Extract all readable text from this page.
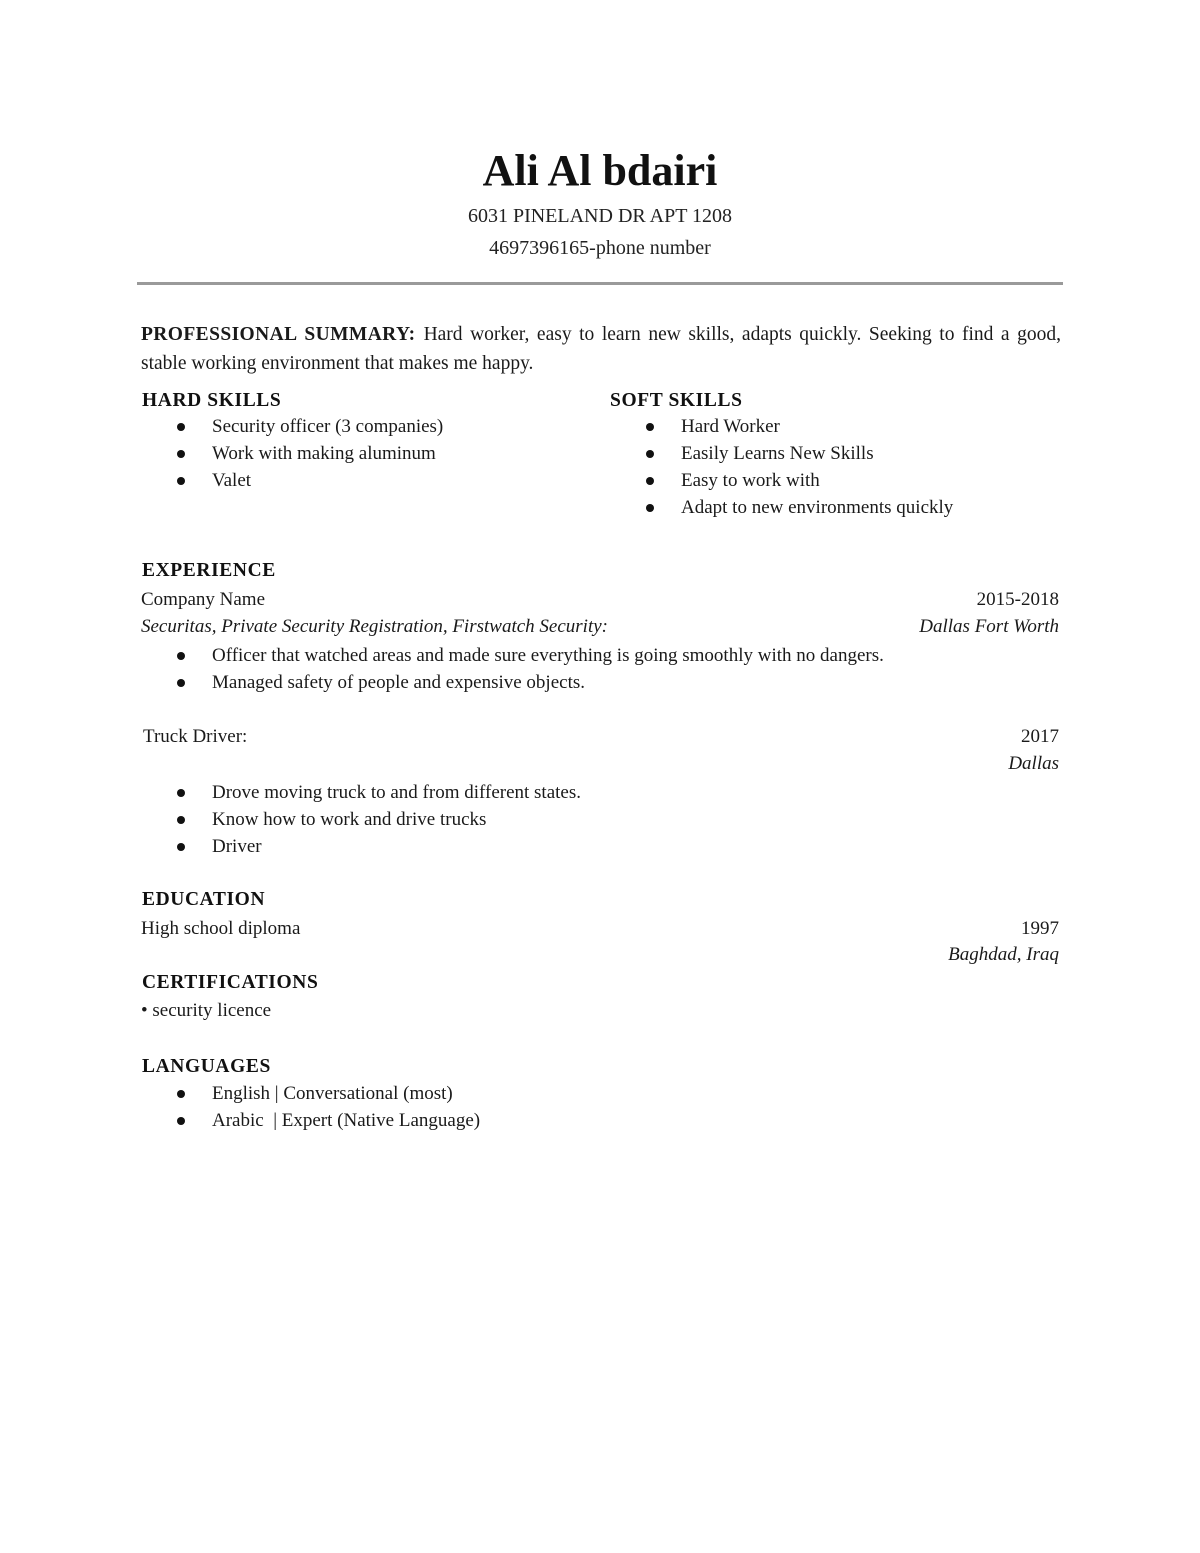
Ali Al bdairi
6031 PINELAND DR APT 1208
4697396165-phone number
PROFESSIONAL SUMMARY: Hard worker, easy to learn new skills, adapts quickly. Seeking to find a good, stable working environment that makes me happy.
HARD SKILLS
Security officer (3 companies)
Work with making aluminum
Valet
SOFT SKILLS
Hard Worker
Easily Learns New Skills
Easy to work with
Adapt to new environments quickly
EXPERIENCE
Company Name	2015-2018
Securitas, Private Security Registration, Firstwatch Security:	Dallas Fort Worth
Officer that watched areas and made sure everything is going smoothly with no dangers.
Managed safety of people and expensive objects.
Truck Driver:	2017
Dallas
Drove moving truck to and from different states.
Know how to work and drive trucks
Driver
EDUCATION
High school diploma	1997
Baghdad, Iraq
CERTIFICATIONS
• security licence
LANGUAGES
English | Conversational (most)
Arabic  | Expert (Native Language)
